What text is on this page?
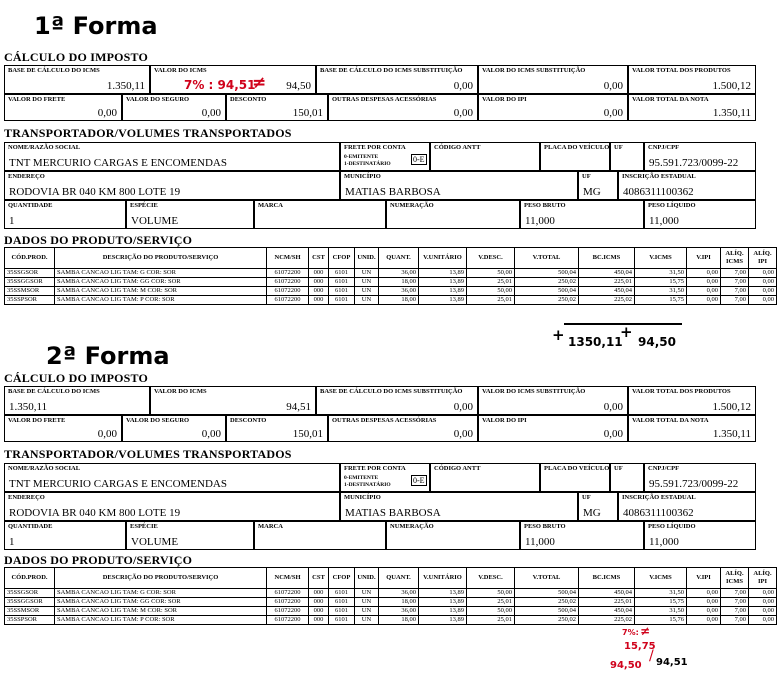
1ª Forma
CÁLCULO DO IMPOSTO
BASE DE CÁLCULO DO ICMS
1.350,11
VALOR DO ICMS
94,50
BASE DE CÁLCULO DO ICMS SUBSTITUIÇÃO
0,00
VALOR DO ICMS SUBSTITUIÇÃO
0,00
VALOR TOTAL DOS PRODUTOS
1.500,12
7% : 94,51
≠
VALOR DO FRETE
0,00
VALOR DO SEGURO
0,00
DESCONTO
150,01
OUTRAS DESPESAS ACESSÓRIAS
0,00
VALOR DO IPI
0,00
VALOR TOTAL DA NOTA
1.350,11
TRANSPORTADOR/VOLUMES TRANSPORTADOS
NOME/RAZÃO SOCIAL
TNT MERCURIO CARGAS E ENCOMENDAS
FRETE POR CONTA
0-EMITENTE
1-DESTINATÁRIO	0-E
CÓDIGO ANTT	PLACA DO VEÍCULO UF	CNPJ/CPF
95.591.723/0099-22
ENDEREÇO
RODOVIA BR 040 KM 800 LOTE 19
MUNICÍPIO
MATIAS BARBOSA
UF
MG
INSCRIÇÃO ESTADUAL
4086311100362
QUANTIDADE
1
ESPÉCIE
VOLUME
MARCA	NUMERAÇÃO	PESO BRUTO
11,000
PESO LÍQUIDO
11,000
DADOS DO PRODUTO/SERVIÇO
CÓD.PROD.	DESCRIÇÃO DO PRODUTO/SERVIÇO	NCM/SH	CST	CFOP	UNID.	QUANT.	V.UNITÁRIO	V.DESC.	V.TOTAL	BC.ICMS	V.ICMS	V.IPI	ALÍQ. ICMS	ALÍQ. IPI
35SSGSOR	SAMBA CANCAO LIG TAM: G COR: SOR	61072200	000	6101	UN	36,00	13,89	50,00	500,04	450,04	31,50	0,00	7,00	0,00
35SSGGSOR	SAMBA CANCAO LIG TAM: GG COR: SOR	61072200	000	6101	UN	18,00	13,89	25,01	250,02	225,01	15,75	0,00	7,00	0,00
35SSMSOR	SAMBA CANCAO LIG TAM: M COR: SOR	61072200	000	6101	UN	36,00	13,89	50,00	500,04	450,04	31,50	0,00	7,00	0,00
35SSPSOR	SAMBA CANCAO LIG TAM: P COR: SOR	61072200	000	6101	UN	18,00	13,89	25,01	250,02	225,02	15,75	0,00	7,00	0,00
+ 1350,11
+
94,50
2ª Forma
CÁLCULO DO IMPOSTO
BASE DE CÁLCULO DO ICMS
1.350,11
VALOR DO ICMS
94,51
BASE DE CÁLCULO DO ICMS SUBSTITUIÇÃO
0,00
VALOR DO ICMS SUBSTITUIÇÃO
0,00
VALOR TOTAL DOS PRODUTOS
1.500,12
VALOR DO FRETE
0,00
VALOR DO SEGURO
0,00
DESCONTO
150,01
OUTRAS DESPESAS ACESSÓRIAS
0,00
VALOR DO IPI
0,00
VALOR TOTAL DA NOTA
1.350,11
TRANSPORTADOR/VOLUMES TRANSPORTADOS
NOME/RAZÃO SOCIAL
TNT MERCURIO CARGAS E ENCOMENDAS
FRETE POR CONTA
0-EMITENTE
1-DESTINATÁRIO	0-E
CÓDIGO ANTT	PLACA DO VEÍCULO UF	CNPJ/CPF
95.591.723/0099-22
ENDEREÇO
RODOVIA BR 040 KM 800 LOTE 19
MUNICÍPIO
MATIAS BARBOSA
UF
MG
INSCRIÇÃO ESTADUAL
4086311100362
QUANTIDADE
1
ESPÉCIE
VOLUME
MARCA	NUMERAÇÃO	PESO BRUTO
11,000
PESO LÍQUIDO
11,000
DADOS DO PRODUTO/SERVIÇO
CÓD.PROD.	DESCRIÇÃO DO PRODUTO/SERVIÇO	NCM/SH	CST	CFOP	UNID.	QUANT.	V.UNITÁRIO	V.DESC.	V.TOTAL	BC.ICMS	V.ICMS	V.IPI	ALÍQ. ICMS	ALÍQ. IPI
35SSGSOR	SAMBA CANCAO LIG TAM: G COR: SOR	61072200	000	6101	UN	36,00	13,89	50,00	500,04	450,04	31,50	0,00	7,00	0,00
35SSGGSOR	SAMBA CANCAO LIG TAM: GG COR: SOR	61072200	000	6101	UN	18,00	13,89	25,01	250,02	225,01	15,75	0,00	7,00	0,00
35SSMSOR	SAMBA CANCAO LIG TAM: M COR: SOR	61072200	000	6101	UN	36,00	13,89	50,00	500,04	450,04	31,50	0,00	7,00	0,00
35SSPSOR	SAMBA CANCAO LIG TAM: P COR: SOR	61072200	000	6101	UN	18,00	13,89	25,01	250,02	225,02	15,76	0,00	7,00	0,00
7%: ≠
15,75
/
94,50 94,51
